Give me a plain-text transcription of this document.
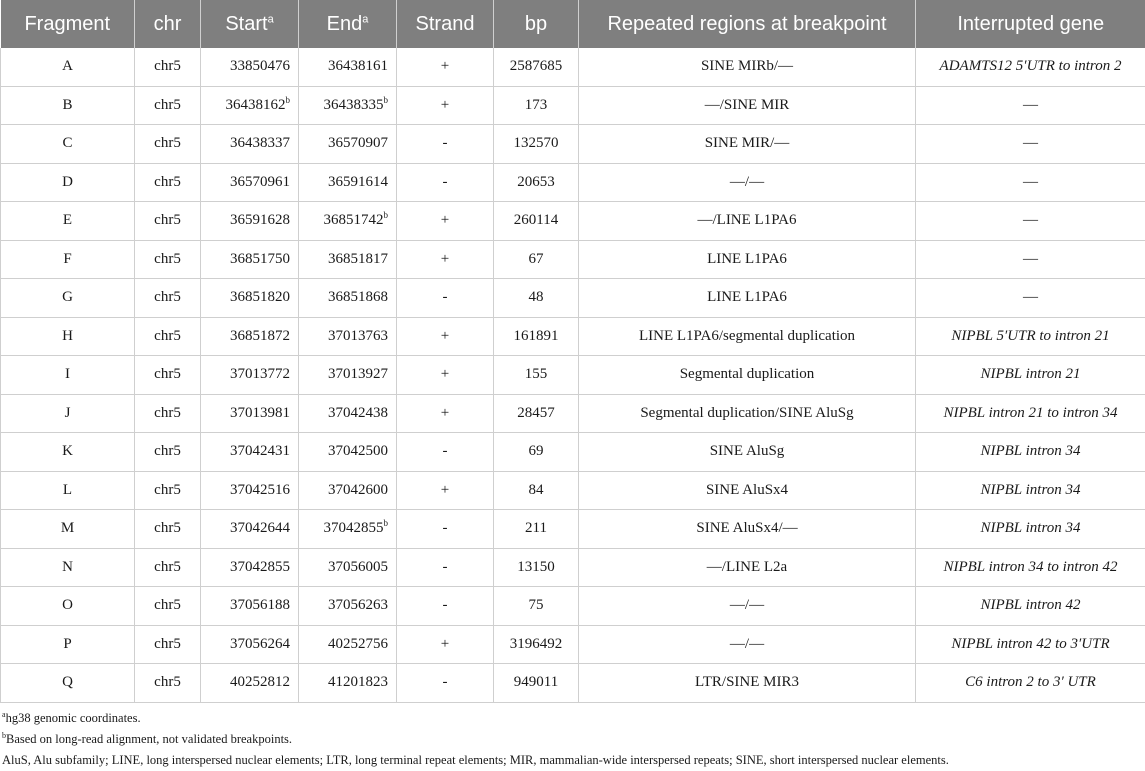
Fragment	chr	Start$^a$	End$^a$	Strand	bp	Repeated regions at breakpoint	Interrupted gene
A	chr5	33850476	36438161	+	2587685	SINE MIRb/—	ADAMTS12 5′UTR to intron 2
B	chr5	36438162$^b$	$36438335^b$	+	173	—/SINE MIR	—
C	chr5	36438337	36570907	-	132570	SINE MIR/—	—
D	chr5	36570961	36591614	-	20653	—/—	—
E	chr5	36591628	$36851742^b$	+	260114	—/LINE L1PA6	—
F	chr5	36851750	36851817	+	67	LINE L1PA6	—
G	chr5	36851820	36851868	-	48	LINE L1PA6	—
H	chr5	36851872	37013763	+	161891	LINE L1PA6/segmental duplication	NIPBL 5′UTR to intron 21
I	chr5	37013772	37013927	+	155	Segmental duplication	NIPBL intron 21
J	chr5	37013981	37042438	+	28457	Segmental duplication/SINE AluSg	NIPBL intron 21 to intron 34
K	chr5	37042431	37042500	-	69	SINE AluSg	NIPBL intron 34
L	chr5	37042516	37042600	+	84	SINE AluSx4	NIPBL intron 34
M	chr5	37042644	37042855$^b$	-	211	SINE AluSx4/—	NIPBL intron 34
N	chr5	37042855	37056005	-	13150	—/LINE L2a	NIPBL intron 34 to intron 42
O	chr5	37056188	37056263	-	75	—/—	NIPBL intron 42
P	chr5	37056264	40252756	+	3196492	—/—	NIPBL intron 42 to 3′UTR
Q	chr5	40252812	41201823	-	949011	LTR/SINE MIR3	C6 intron 2 to 3′ UTR
$^a$hg38 genomic coordinates.
$^b$Based on long-read alignment, not validated breakpoints.
AluS, Alu subfamily; LINE, long interspersed nuclear elements; LTR, long terminal repeat elements; MIR, mammalian-wide interspersed repeats; SINE, short interspersed nuclear elements.
